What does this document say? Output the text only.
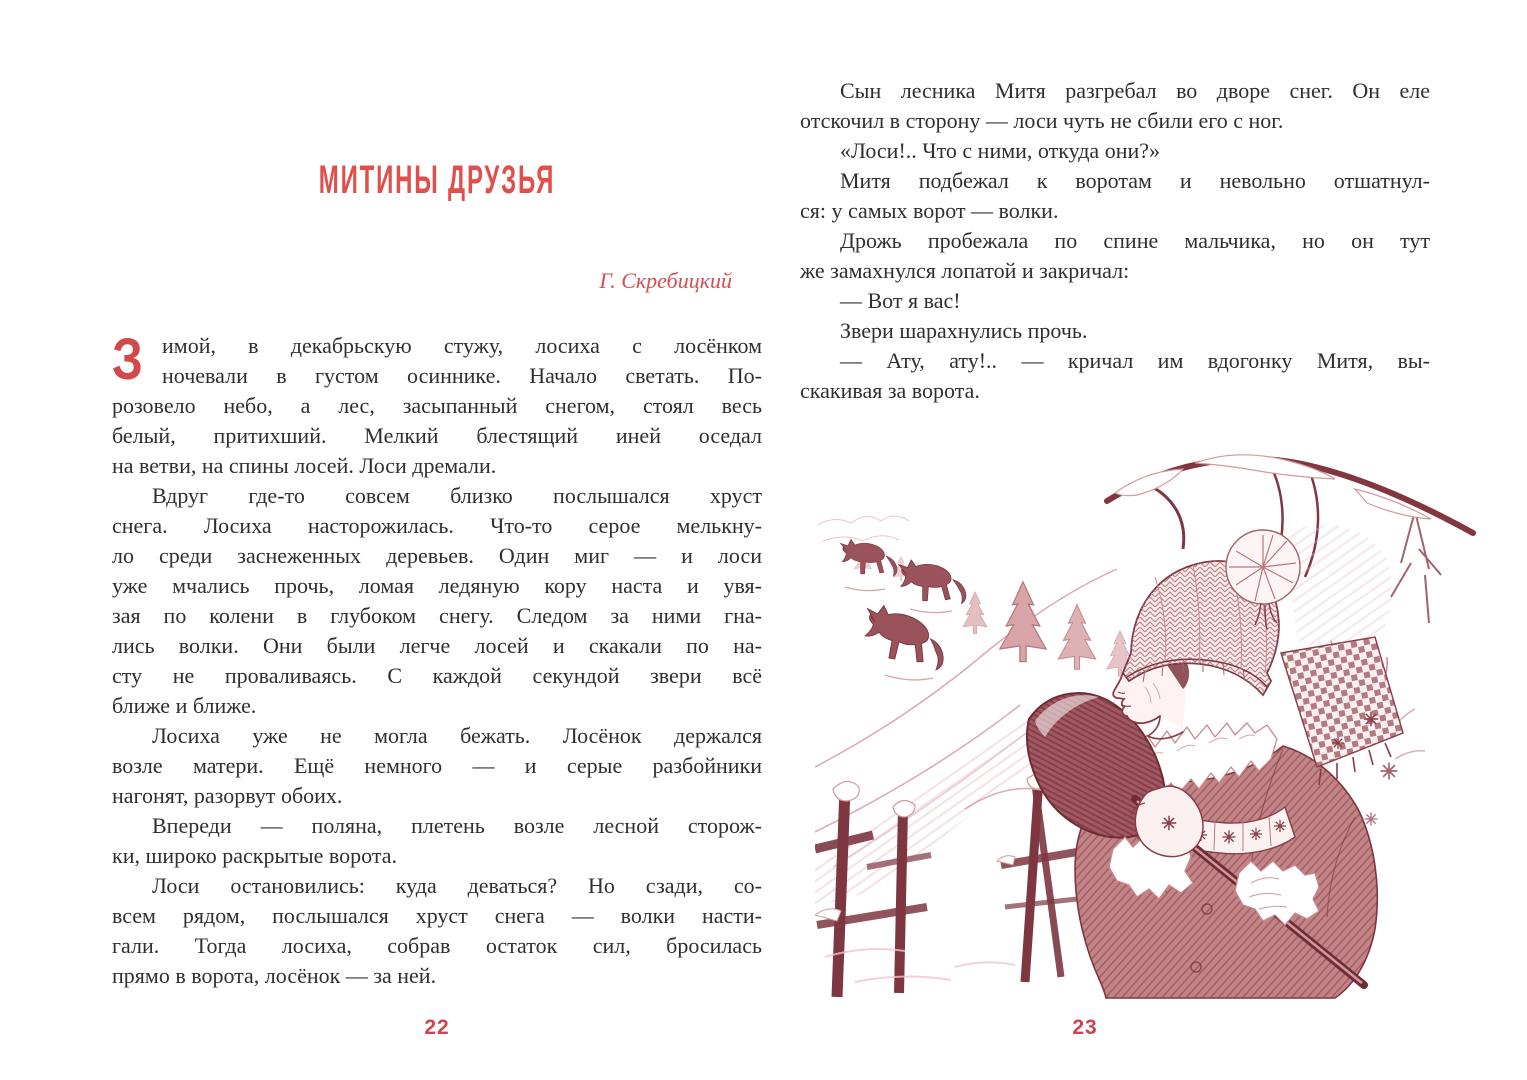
МИТИНЫ ДРУЗЬЯ
Г. Скребицкий
З имой, в декабрьскую стужу, лосиха с лосёнком
ночевали в густом осиннике. Начало светать. По-
розовело небо, а лес, засыпанный снегом, стоял весь
белый, притихший. Мелкий блестящий иней оседал
на ветви, на спины лосей. Лоси дремали.
Вдруг где-то совсем близко послышался хруст
снега. Лосиха насторожилась. Что-то серое мелькну-
ло среди заснеженных деревьев. Один миг — и лоси
уже мчались прочь, ломая ледяную кору наста и увя-
зая по колени в глубоком снегу. Следом за ними гна-
лись волки. Они были легче лосей и скакали по на-
сту не проваливаясь. С каждой секундой звери всё
ближе и ближе.
Лосиха уже не могла бежать. Лосёнок держался
возле матери. Ещё немного — и серые разбойники
нагонят, разорвут обоих.
Впереди — поляна, плетень возле лесной сторож-
ки, широко раскрытые ворота.
Лоси остановились: куда деваться? Но сзади, со-
всем рядом, послышался хруст снега — волки насти-
гали. Тогда лосиха, собрав остаток сил, бросилась
прямо в ворота, лосёнок — за ней.
22
Сын лесника Митя разгребал во дворе снег. Он еле
отскочил в сторону — лоси чуть не сбили его с ног.
«Лоси!.. Что с ними, откуда они?»
Митя подбежал к воротам и невольно отшатнул-
ся: у самых ворот — волки.
Дрожь пробежала по спине мальчика, но он тут
же замахнулся лопатой и закричал:
— Вот я вас!
Звери шарахнулись прочь.
— Ату, ату!.. — кричал им вдогонку Митя, вы-
скакивая за ворота.
23
